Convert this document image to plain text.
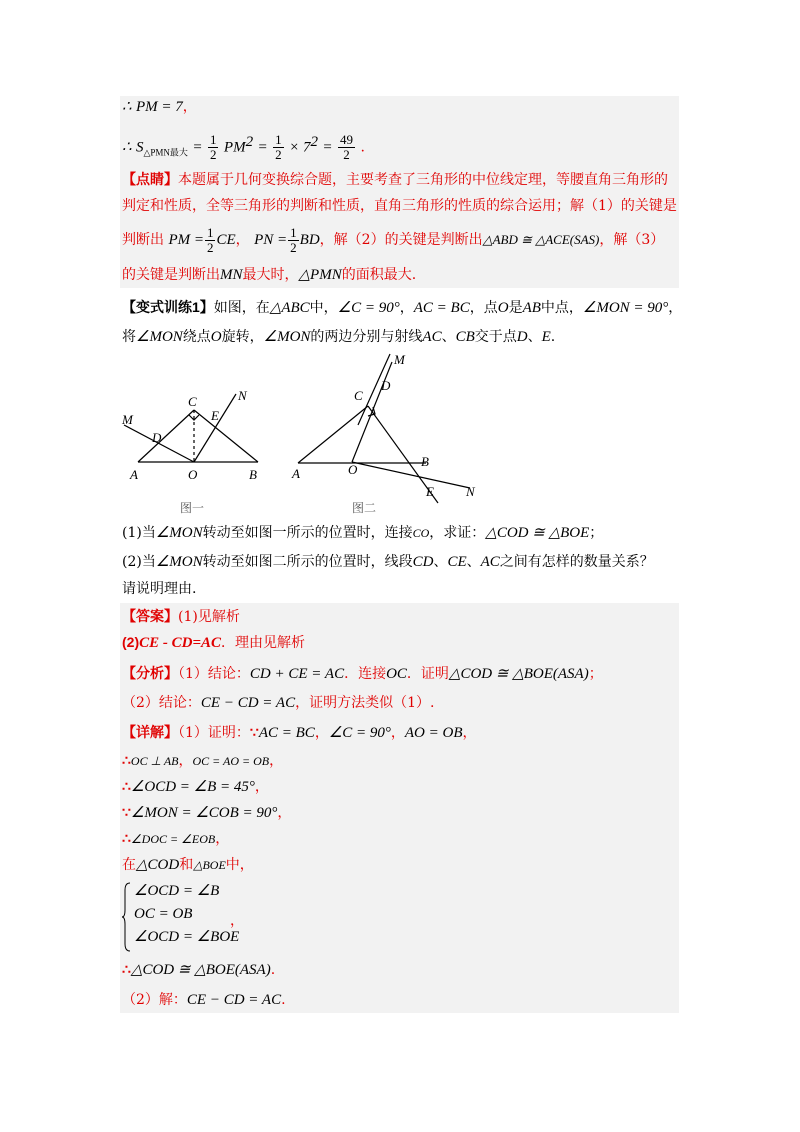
∴ PM = 7，
∴ $S_{\triangle PMN最大} = \frac{1}{2} PM^2 = \frac{1}{2} \times 7^2 = \frac{49}{2}$ .
【点睛】本题属于几何变换综合题，主要考查了三角形的中位线定理，等腰直角三角形的
判定和性质，全等三角形的判断和性质，直角三角形的性质的综合运用；解（1）的关键是
判断出 PM = $\frac{1}{2}$ CE， PN = $\frac{1}{2}$ BD，解（2）的关键是判断出△ABD ≅ △ACE(SAS)，解（3）
的关键是判断出MN最大时，△PMN的面积最大.
【变式训练1】如图，在△ABC中，∠C = 90°，AC = BC，点O是AB中点，∠MON = 90°，
将∠MON绕点O旋转，∠MON的两边分别与射线AC、CB交于点D、E.
M
N
C
E
D
A	O	B
图一
M
D
C
A	O
B
E N
图二
(1)当∠MON转动至如图一所示的位置时，连接CO，求证：△COD ≅ △BOE；
(2)当∠MON转动至如图二所示的位置时，线段CD、CE、AC之间有怎样的数量关系？
请说明理由.
【答案】(1)见解析
(2)CE - CD=AC．理由见解析
【分析】（1）结论：CD + CE = AC．连接OC．证明△COD ≅ △BOE(ASA)；
（2）结论：CE − CD = AC，证明方法类似（1）.
【详解】（1）证明：∵AC = BC，∠C = 90°，AO = OB，
∴OC ⊥ AB，OC = AO = OB，
∴∠OCD = ∠B = 45°，
∵∠MON = ∠COB = 90°，
∴∠DOC = ∠EOB，
在△COD和△BOE中，
∠OCD = ∠B
OC = OB
∠OCD = ∠BOE
，
∴△COD ≅ △BOE(ASA).
（2）解：CE − CD = AC.
